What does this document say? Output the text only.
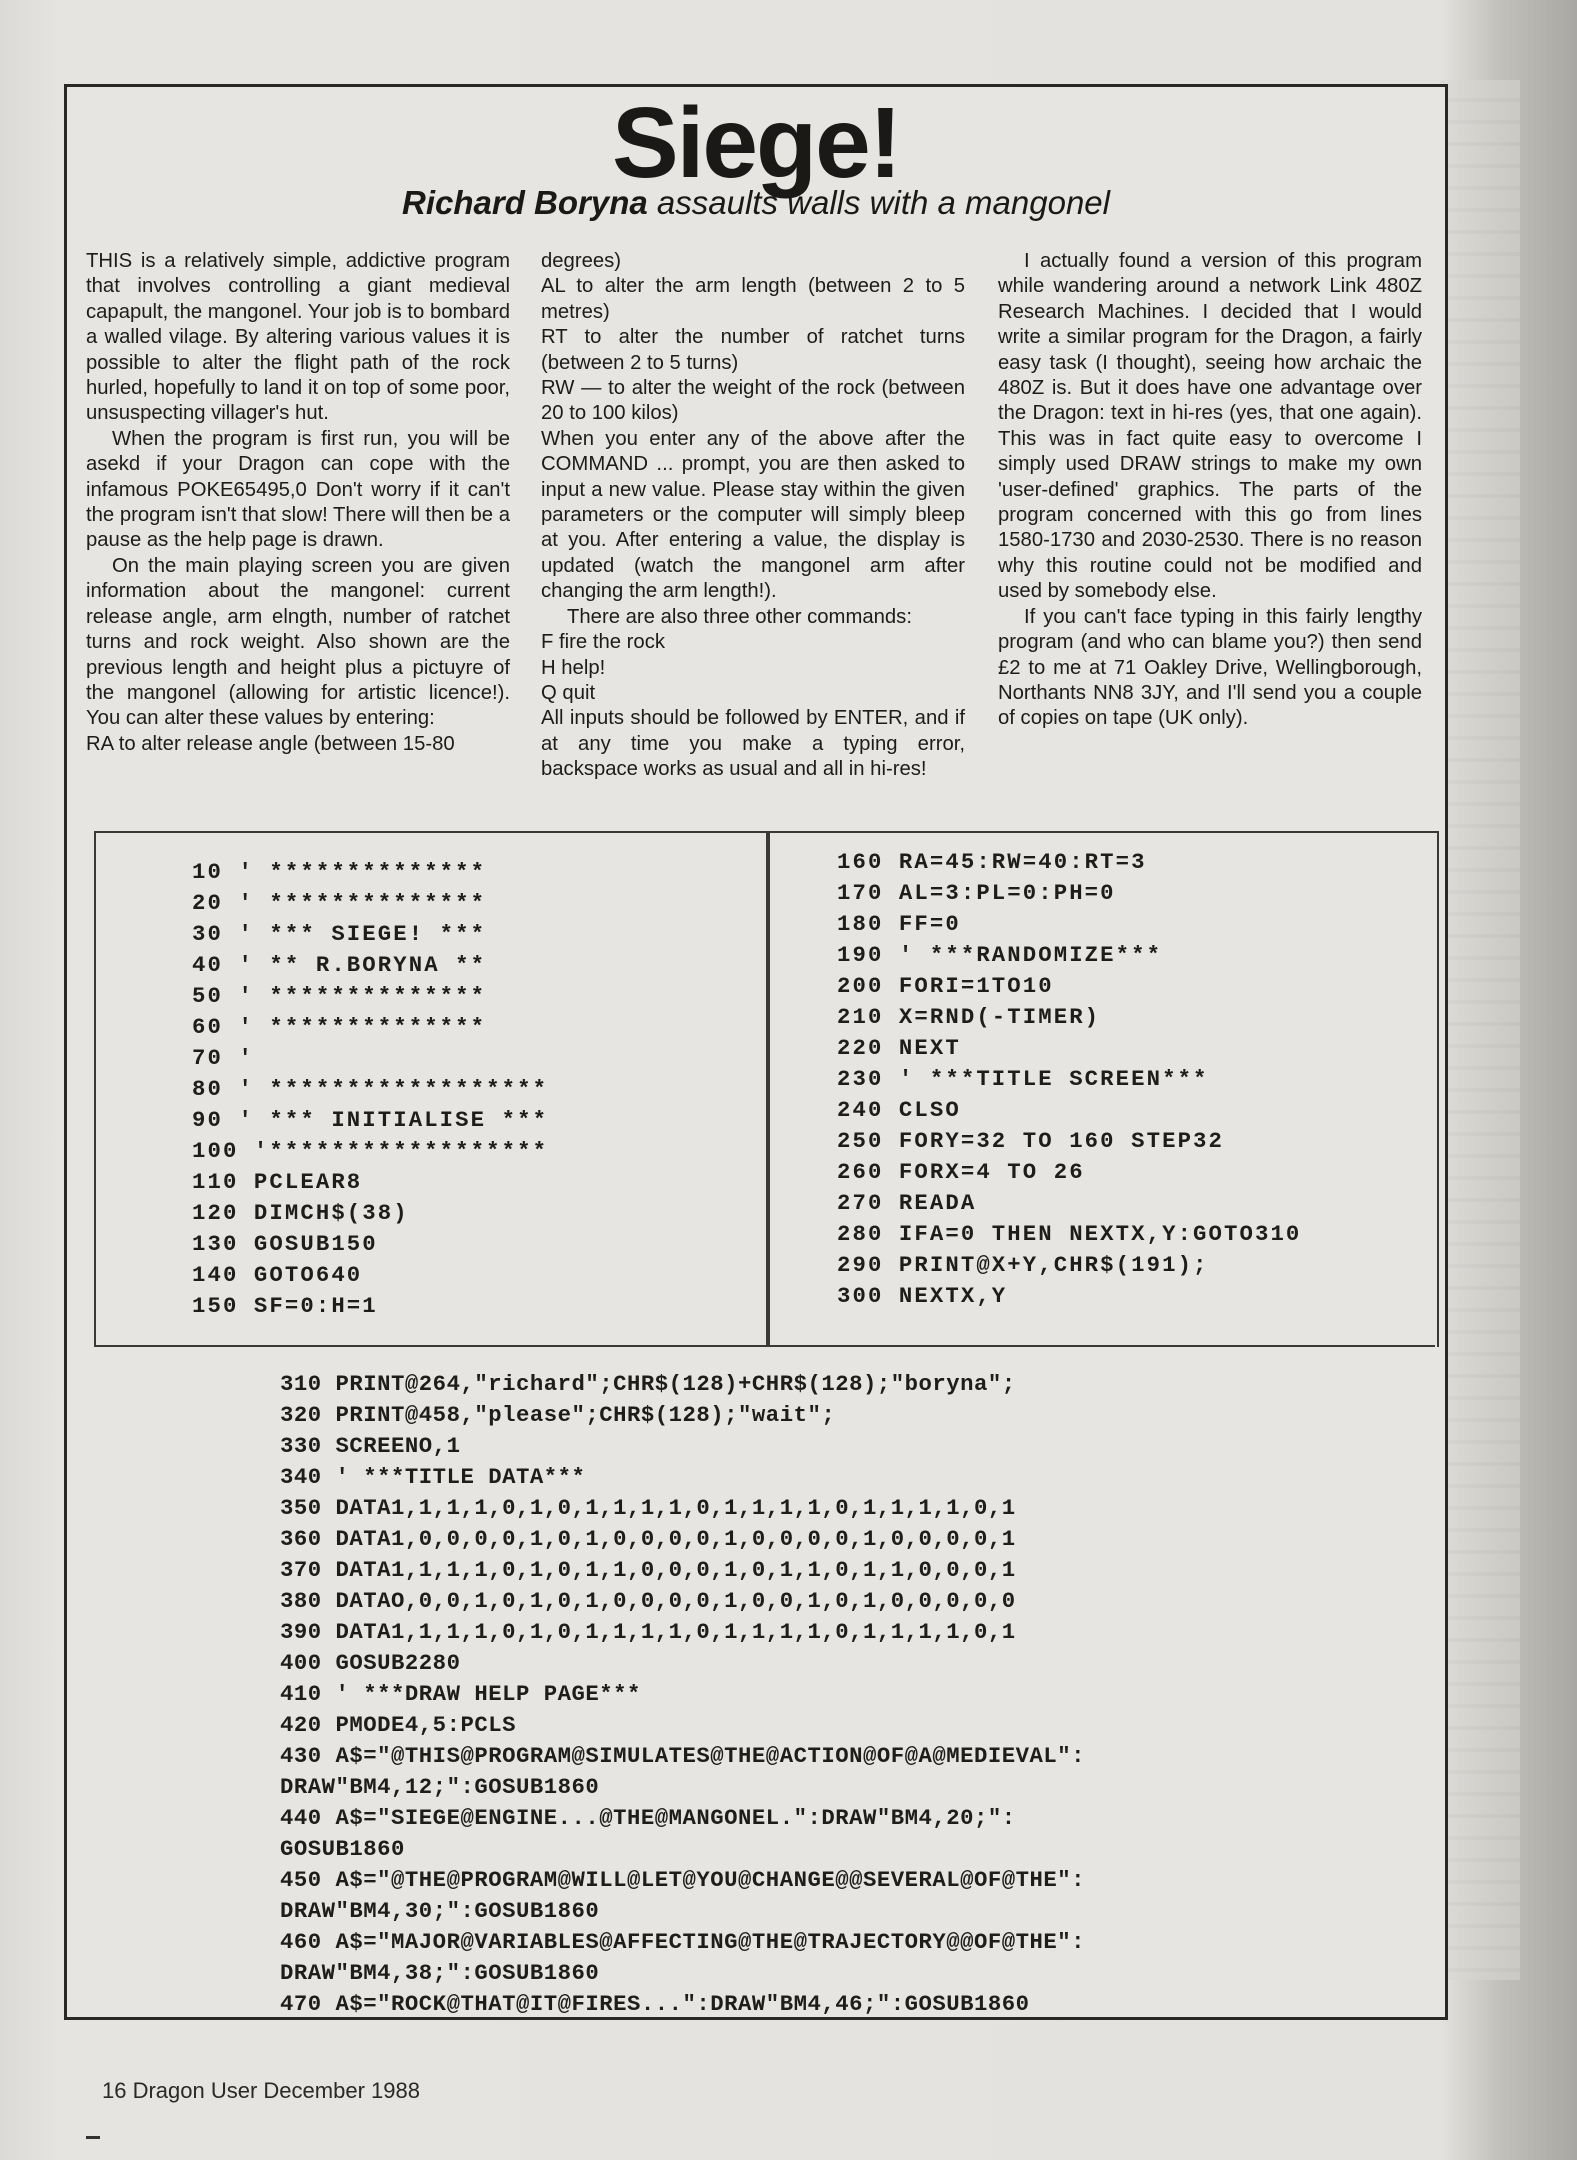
Siege!
Richard Boryna assaults walls with a mangonel

THIS is a relatively simple, addictive program that involves controlling a giant medieval capapult, the mangonel. Your job is to bombard a walled vilage. By altering various values it is possible to alter the flight path of the rock hurled, hopefully to land it on top of some poor, unsuspecting villager's hut.

When the program is first run, you will be asekd if your Dragon can cope with the infamous POKE65495,0 Don't worry if it can't the program isn't that slow! There will then be a pause as the help page is drawn.

On the main playing screen you are given information about the mangonel: current release angle, arm elngth, number of ratchet turns and rock weight. Also shown are the previous length and height plus a pictuyre of the mangonel (allowing for artistic licence!). You can alter these values by entering:

RA to alter release angle (between 15-80

degrees)

AL to alter the arm length (between 2 to 5 metres)

RT to alter the number of ratchet turns (between 2 to 5 turns)

RW — to alter the weight of the rock (between 20 to 100 kilos)

When you enter any of the above after the COMMAND ... prompt, you are then asked to input a new value. Please stay within the given parameters or the computer will simply bleep at you. After entering a value, the display is updated (watch the mangonel arm after changing the arm length!).

There are also three other commands:

F fire the rock

H help!

Q quit

All inputs should be followed by ENTER, and if at any time you make a typing error, backspace works as usual and all in hi-res!

I actually found a version of this program while wandering around a network Link 480Z Research Machines. I decided that I would write a similar program for the Dragon, a fairly easy task (I thought), seeing how archaic the 480Z is. But it does have one advantage over the Dragon: text in hi-res (yes, that one again). This was in fact quite easy to overcome I simply used DRAW strings to make my own 'user-defined' graphics. The parts of the program concerned with this go from lines 1580-1730 and 2030-2530. There is no reason why this routine could not be modified and used by somebody else.

If you can't face typing in this fairly lengthy program (and who can blame you?) then send £2 to me at 71 Oakley Drive, Wellingborough, Northants NN8 3JY, and I'll send you a couple of copies on tape (UK only).

10 ' **************
20 ' **************
30 ' *** SIEGE! ***
40 ' ** R.BORYNA **
50 ' **************
60 ' **************
70 '
80 ' ******************
90 ' *** INITIALISE ***
100 '******************
110 PCLEAR8
120 DIMCH$(38)
130 GOSUB150
140 GOTO640
150 SF=0:H=1
160 RA=45:RW=40:RT=3
170 AL=3:PL=0:PH=0
180 FF=0
190 ' ***RANDOMIZE***
200 FORI=1TO10
210 X=RND(-TIMER)
220 NEXT
230 ' ***TITLE SCREEN***
240 CLSO
250 FORY=32 TO 160 STEP32
260 FORX=4 TO 26
270 READA
280 IFA=0 THEN NEXTX,Y:GOTO310
290 PRINT@X+Y,CHR$(191);
300 NEXTX,Y
310 PRINT@264,"richard";CHR$(128)+CHR$(128);"boryna";
320 PRINT@458,"please";CHR$(128);"wait";
330 SCREENO,1
340 ' ***TITLE DATA***
350 DATA1,1,1,1,0,1,0,1,1,1,1,0,1,1,1,1,0,1,1,1,1,0,1
360 DATA1,0,0,0,0,1,0,1,0,0,0,0,1,0,0,0,0,1,0,0,0,0,1
370 DATA1,1,1,1,0,1,0,1,1,0,0,0,1,0,1,1,0,1,1,0,0,0,1
380 DATAO,0,0,1,0,1,0,1,0,0,0,0,1,0,0,1,0,1,0,0,0,0,0
390 DATA1,1,1,1,0,1,0,1,1,1,1,0,1,1,1,1,0,1,1,1,1,0,1
400 GOSUB2280
410 ' ***DRAW HELP PAGE***
420 PMODE4,5:PCLS
430 A$="@THIS@PROGRAM@SIMULATES@THE@ACTION@OF@A@MEDIEVAL":
DRAW"BM4,12;":GOSUB1860
440 A$="SIEGE@ENGINE...@THE@MANGONEL.":DRAW"BM4,20;":
GOSUB1860
450 A$="@THE@PROGRAM@WILL@LET@YOU@CHANGE@@SEVERAL@OF@THE":
DRAW"BM4,30;":GOSUB1860
460 A$="MAJOR@VARIABLES@AFFECTING@THE@TRAJECTORY@@OF@THE":
DRAW"BM4,38;":GOSUB1860
470 A$="ROCK@THAT@IT@FIRES...":DRAW"BM4,46;":GOSUB1860
16 Dragon User December 1988
